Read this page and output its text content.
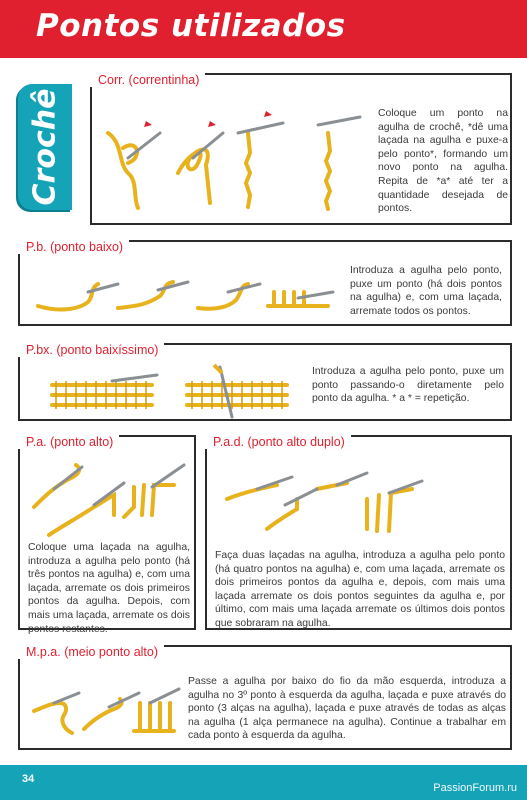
Pontos utilizados
Crochê
Corr. (correntinha)
Coloque um ponto na agulha de crochê, *dê uma laçada na agulha e puxe-a pelo ponto*, formando um novo ponto na agulha. Repita de *a* até ter a quantidade desejada de pontos.
P.b. (ponto baixo)
Introduza a agulha pelo ponto, puxe um ponto (há dois pontos na agulha) e, com uma laçada, arremate todos os pontos.
P.bx. (ponto baixíssimo)
Introduza a agulha pelo ponto, puxe um ponto passando-o diretamente pelo ponto da agulha. * a * = repetição.
P.a. (ponto alto)
Coloque uma laçada na agulha, introduza a agulha pelo ponto (há três pontos na agulha) e, com uma laçada, arremate os dois primeiros pontos da agulha. Depois, com mais uma laçada, arremate os dois pontos restantes.
P.a.d. (ponto alto duplo)
Faça duas laçadas na agulha, introduza a agulha pelo ponto (há quatro pontos na agulha) e, com uma laçada, arremate os dois primeiros pontos da agulha e, depois, com mais uma laçada arremate os dois pontos seguintes da agulha e, por último, com mais uma laçada arremate os últimos dois pontos que sobraram na agulha.
M.p.a. (meio ponto alto)
Passe a agulha por baixo do fio da mão esquerda, introduza a agulha no 3º ponto à esquerda da agulha, laçada e puxe através do ponto (3 alças na agulha), laçada e puxe através de todas as alças na agulha (1 alça permanece na agulha). Continue a trabalhar em cada ponto à esquerda da agulha.
34
PassionForum.ru
